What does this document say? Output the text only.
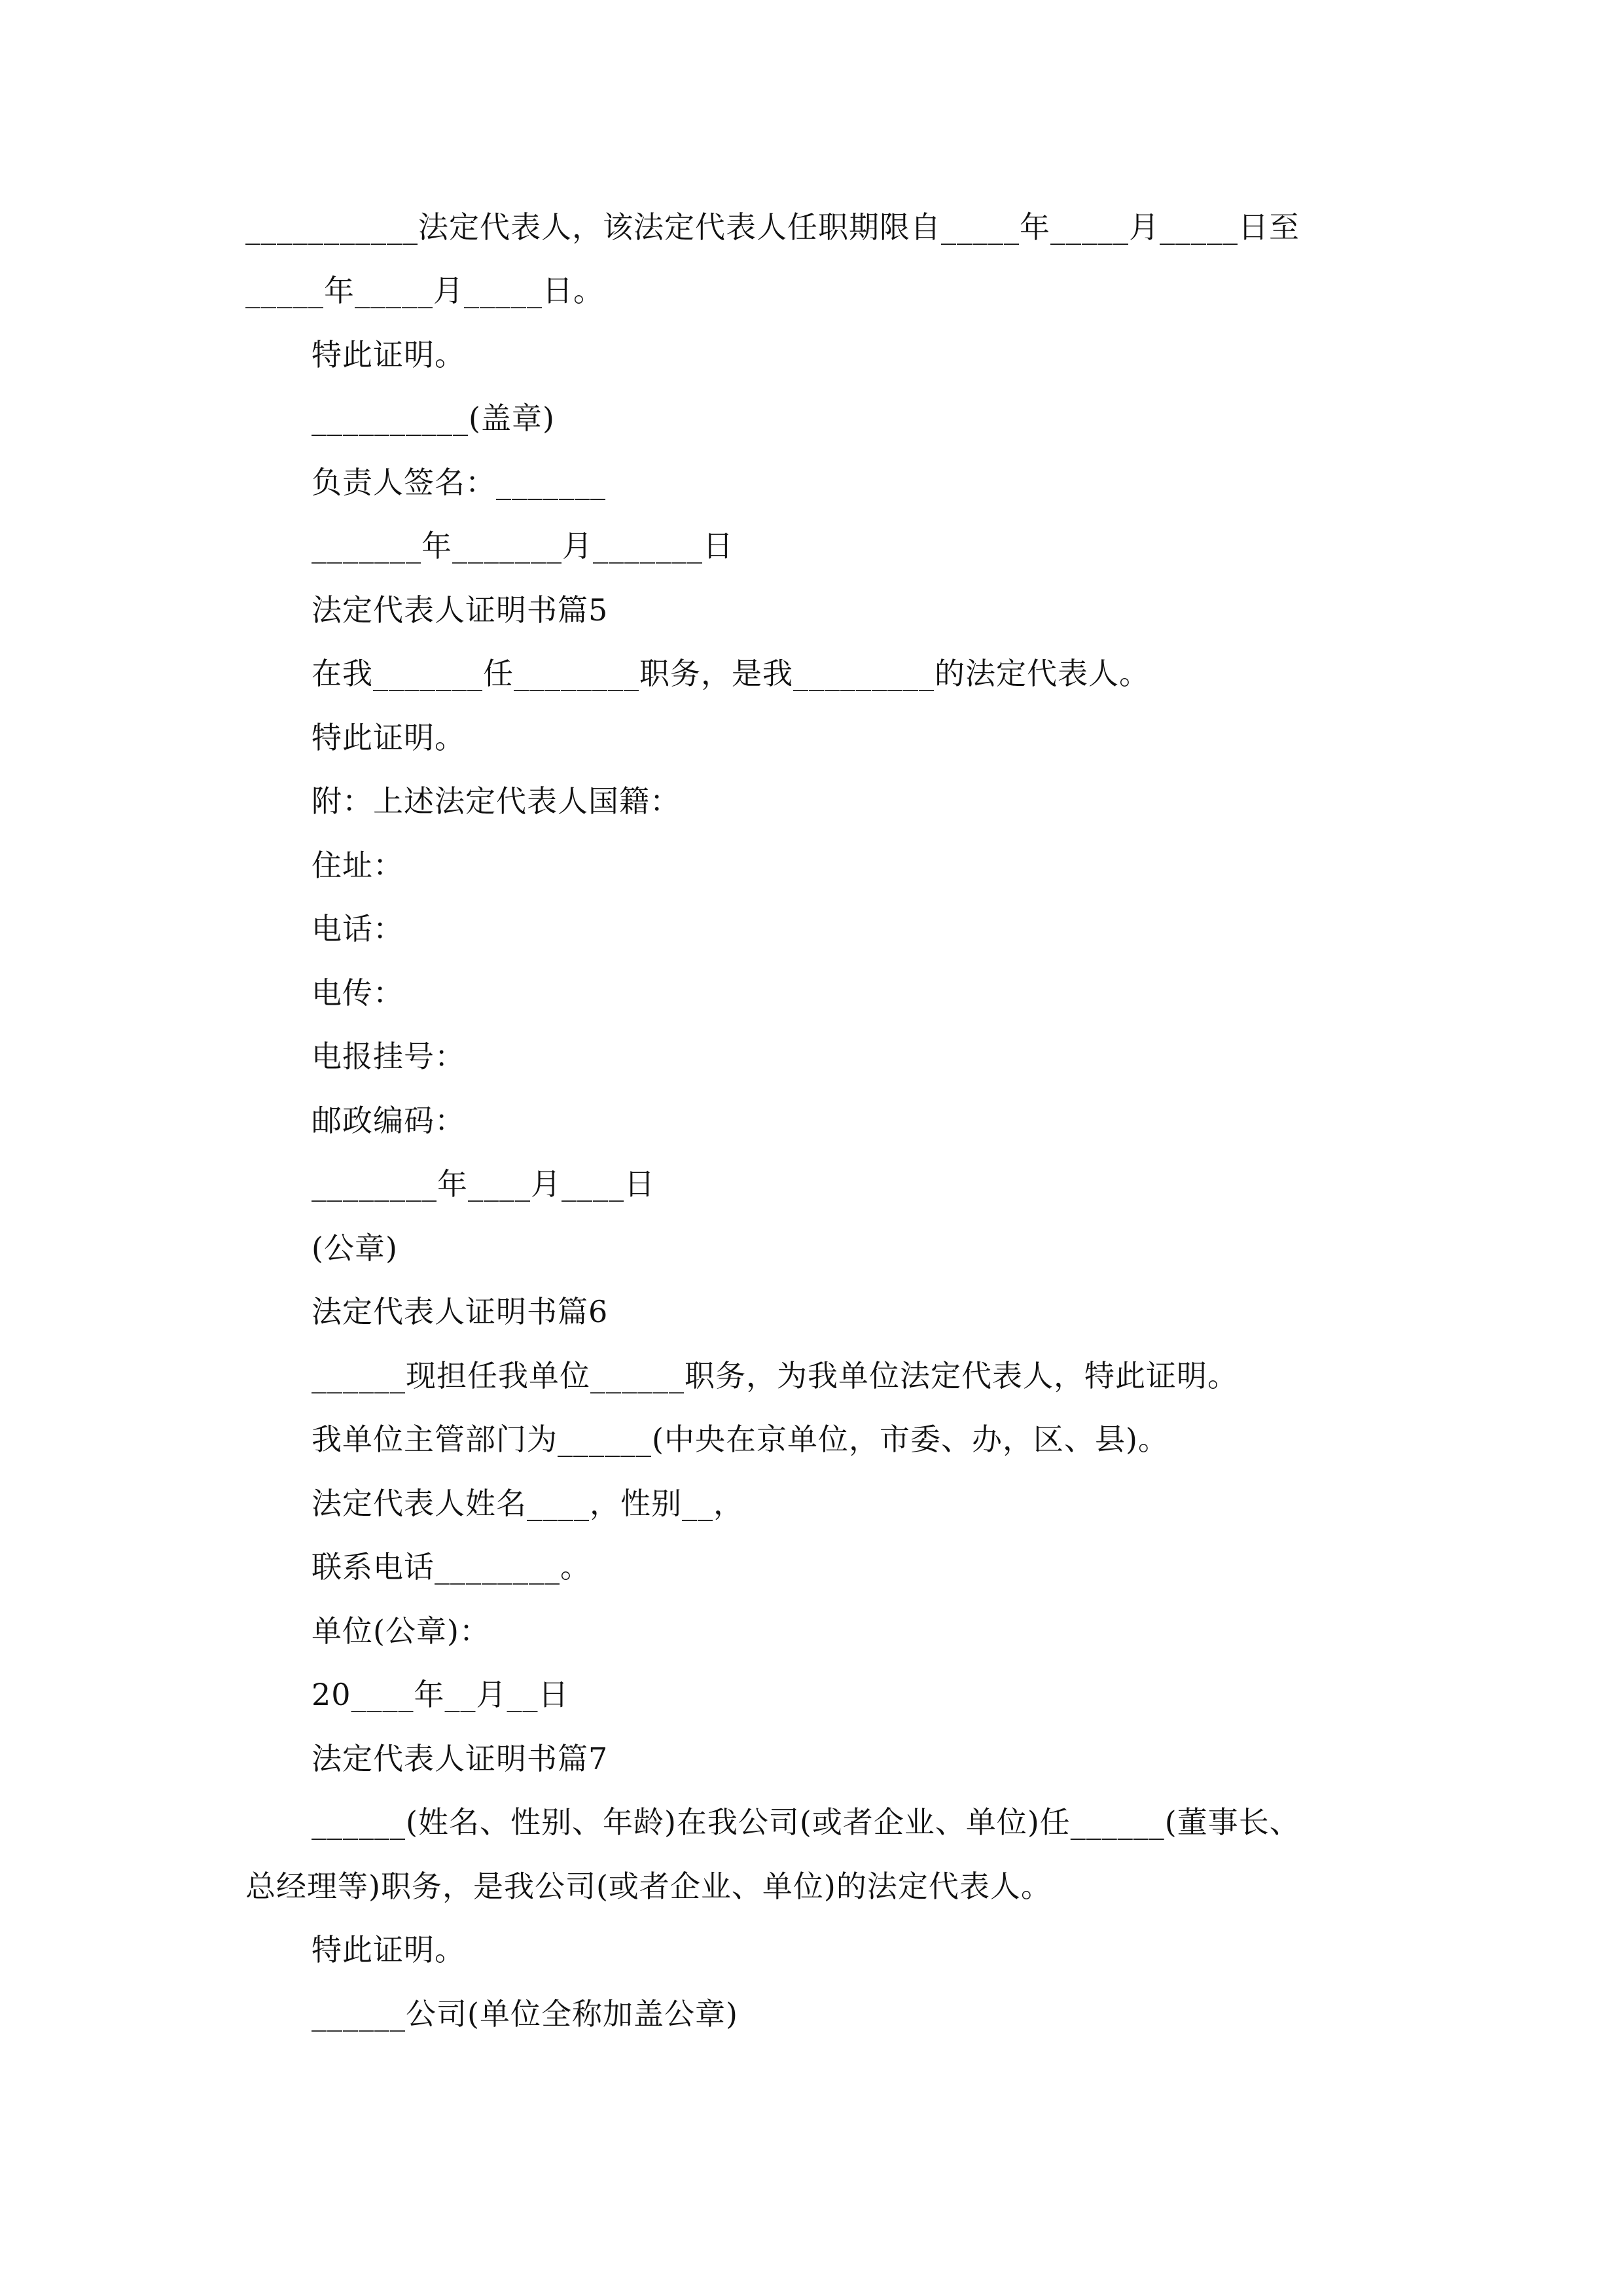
___________法定代表人，该法定代表人任职期限自_____年_____月_____日至
_____年_____月_____日。
特此证明。
__________(盖章)
负责人签名：_______
_______年_______月_______日
法定代表人证明书篇5
在我_______任________职务，是我_________的法定代表人。
特此证明。
附：上述法定代表人国籍：
住址：
电话：
电传：
电报挂号：
邮政编码：
________年____月____日
(公章)
法定代表人证明书篇6
______现担任我单位______职务，为我单位法定代表人，特此证明。
我单位主管部门为______(中央在京单位，市委、办，区、县)。
法定代表人姓名____，性别__，
联系电话________。
单位(公章)：
20____年__月__日
法定代表人证明书篇7
______(姓名、性别、年龄)在我公司(或者企业、单位)任______(董事长、
总经理等)职务，是我公司(或者企业、单位)的法定代表人。
特此证明。
______公司(单位全称加盖公章)
